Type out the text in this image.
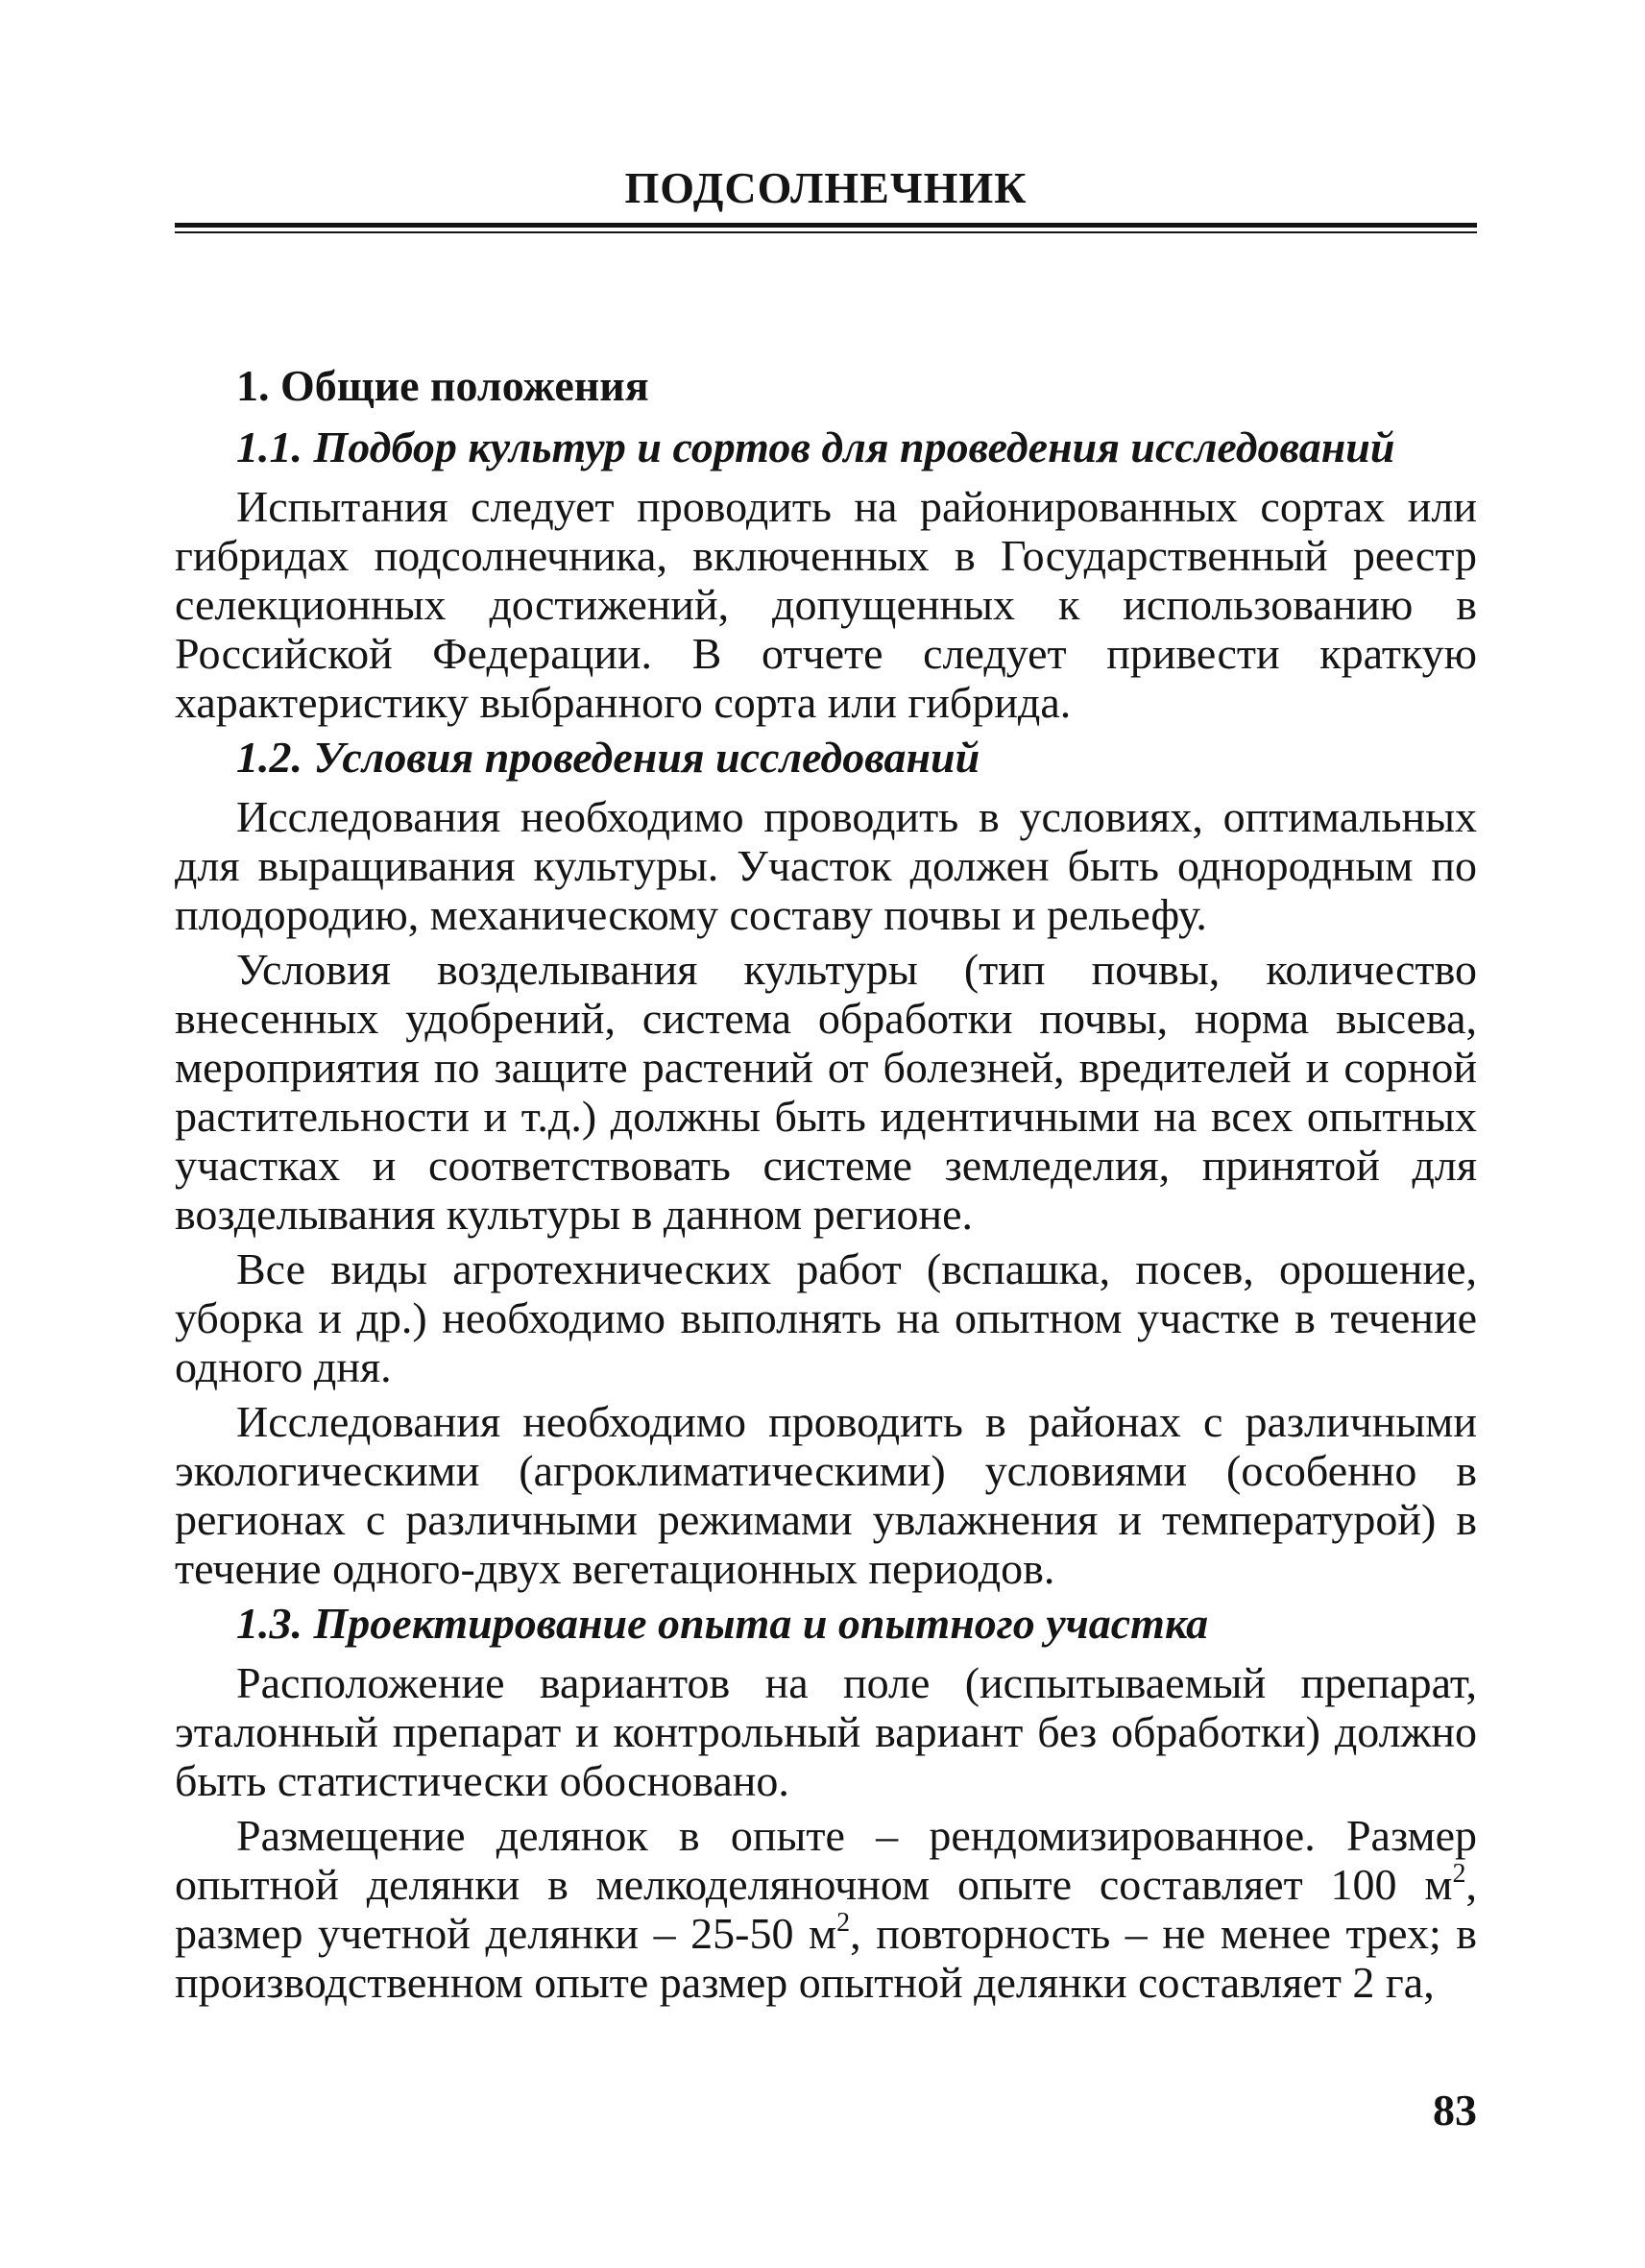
ПОДСОЛНЕЧНИК
1. Общие положения
1.1. Подбор культур и сортов для проведения исследований

Испытания следует проводить на районированных сортах или гибридах подсолнечника, включенных в Государственный реестр селекционных достижений, допущенных к использованию в Российской Федерации. В отчете следует привести краткую характеристику выбранного сорта или гибрида.

1.2. Условия проведения исследований

Исследования необходимо проводить в условиях, оптимальных для выращивания культуры. Участок должен быть однородным по плодородию, механическому составу почвы и рельефу.

Условия возделывания культуры (тип почвы, количество внесенных удобрений, система обработки почвы, норма высева, мероприятия по защите растений от болезней, вредителей и сорной растительности и т.д.) должны быть идентичными на всех опытных участках и соответствовать системе земледелия, принятой для возделывания культуры в данном регионе.

Все виды агротехнических работ (вспашка, посев, орошение, уборка и др.) необходимо выполнять на опытном участке в течение одного дня.

Исследования необходимо проводить в районах с различными экологическими (агроклиматическими) условиями (особенно в регионах с различными режимами увлажнения и температурой) в течение одного-двух вегетационных периодов.

1.3. Проектирование опыта и опытного участка

Расположение вариантов на поле (испытываемый препарат, эталонный препарат и контрольный вариант без обработки) должно быть статистически обосновано.

Размещение делянок в опыте – рендомизированное. Размер опытной делянки в мелкоделяночном опыте составляет 100 $м^2$, размер учетной делянки – 25-50 $м^2$, повторность – не менее трех; в производственном опыте размер опытной делянки составляет 2 га,

83
